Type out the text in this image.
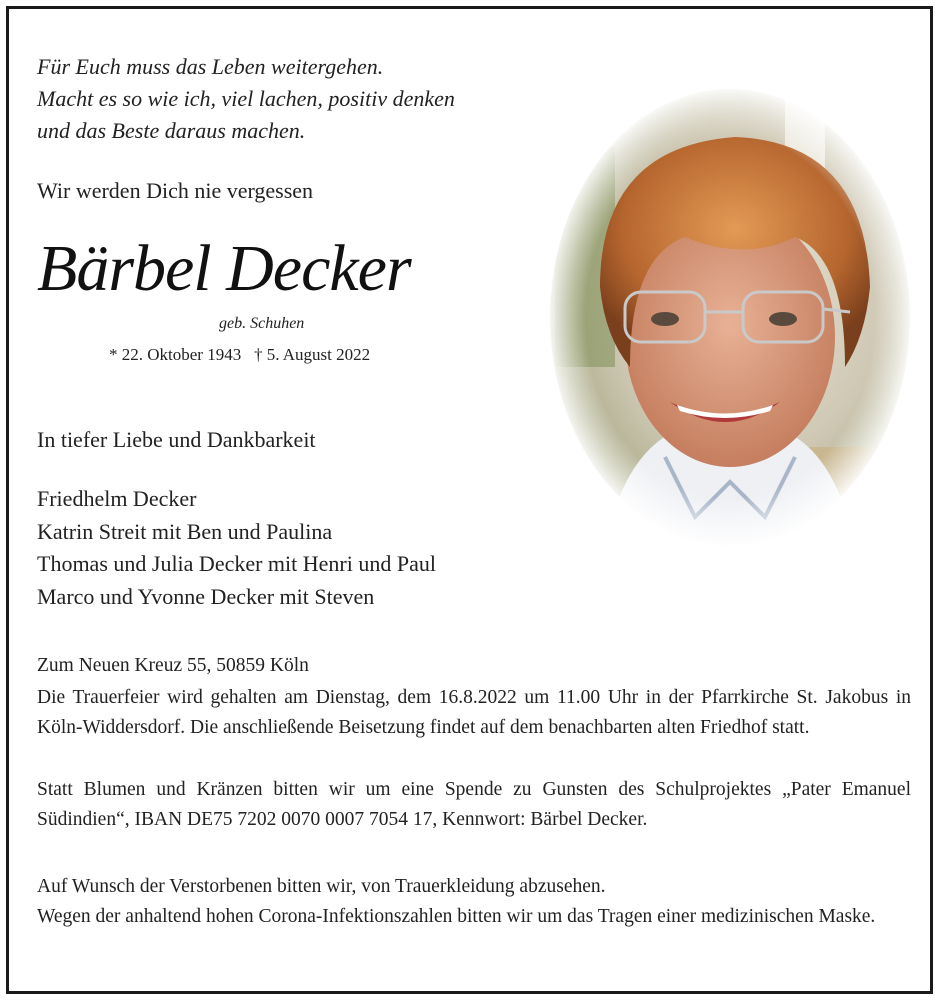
Für Euch muss das Leben weitergehen.
Macht es so wie ich, viel lachen, positiv denken
und das Beste daraus machen.
Wir werden Dich nie vergessen
Bärbel Decker
geb. Schuhen
* 22. Oktober 1943 † 5. August 2022
In tiefer Liebe und Dankbarkeit
Friedhelm Decker
Katrin Streit mit Ben und Paulina
Thomas und Julia Decker mit Henri und Paul
Marco und Yvonne Decker mit Steven
Zum Neuen Kreuz 55, 50859 Köln
Die Trauerfeier wird gehalten am Dienstag, dem 16.8.2022 um 11.00 Uhr in der Pfarrkirche St. Jakobus in Köln-Widdersdorf. Die anschließende Beisetzung findet auf dem benachbarten alten Friedhof statt.
Statt Blumen und Kränzen bitten wir um eine Spende zu Gunsten des Schulprojektes „Pater Emanuel Südindien“, IBAN DE75 7202 0070 0007 7054 17, Kennwort: Bärbel Decker.
Auf Wunsch der Verstorbenen bitten wir, von Trauerkleidung abzusehen.
Wegen der anhaltend hohen Corona-Infektionszahlen bitten wir um das Tragen einer medizinischen Maske.
